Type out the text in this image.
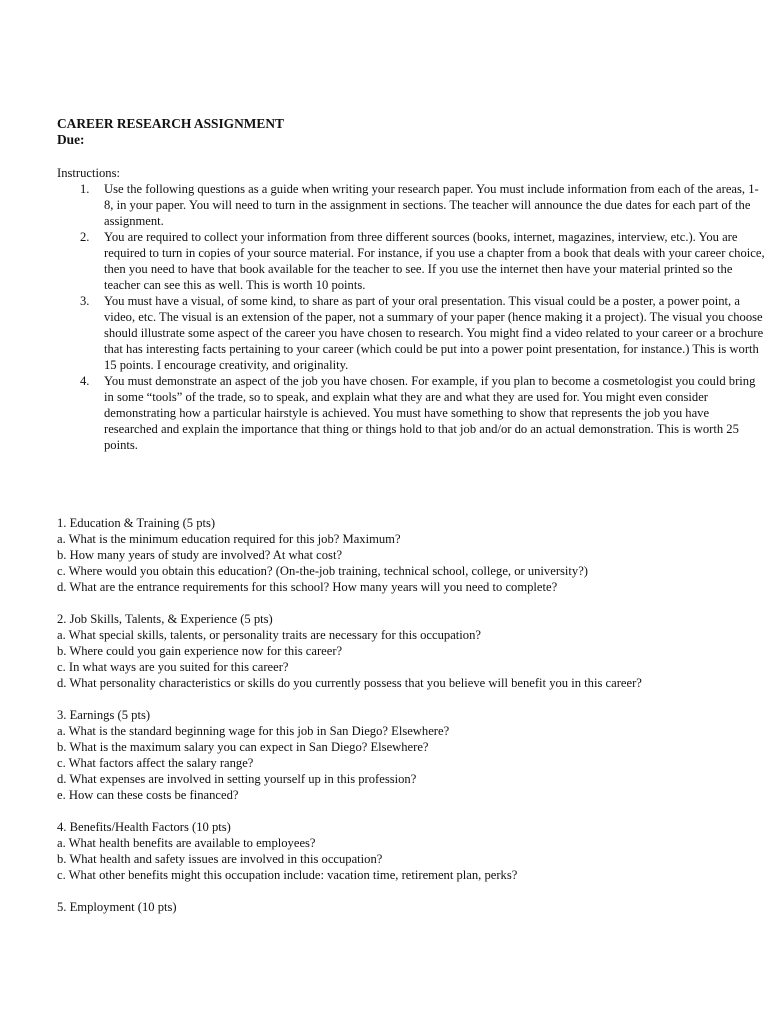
CAREER RESEARCH ASSIGNMENT
Due:
Instructions:
1. Use the following questions as a guide when writing your research paper. You must include information from each of the areas, 1-8, in your paper. You will need to turn in the assignment in sections. The teacher will announce the due dates for each part of the assignment.
2. You are required to collect your information from three different sources (books, internet, magazines, interview, etc.). You are required to turn in copies of your source material. For instance, if you use a chapter from a book that deals with your career choice, then you need to have that book available for the teacher to see. If you use the internet then have your material printed so the teacher can see this as well. This is worth 10 points.
3. You must have a visual, of some kind, to share as part of your oral presentation. This visual could be a poster, a power point, a video, etc. The visual is an extension of the paper, not a summary of your paper (hence making it a project). The visual you choose should illustrate some aspect of the career you have chosen to research. You might find a video related to your career or a brochure that has interesting facts pertaining to your career (which could be put into a power point presentation, for instance.) This is worth 15 points. I encourage creativity, and originality.
4. You must demonstrate an aspect of the job you have chosen. For example, if you plan to become a cosmetologist you could bring in some “tools” of the trade, so to speak, and explain what they are and what they are used for. You might even consider demonstrating how a particular hairstyle is achieved. You must have something to show that represents the job you have researched and explain the importance that thing or things hold to that job and/or do an actual demonstration. This is worth 25 points.

1. Education & Training (5 pts)

a. What is the minimum education required for this job? Maximum?

b. How many years of study are involved? At what cost?

c. Where would you obtain this education? (On-the-job training, technical school, college, or university?)

d. What are the entrance requirements for this school? How many years will you need to complete?

2. Job Skills, Talents, & Experience (5 pts)

a. What special skills, talents, or personality traits are necessary for this occupation?

b. Where could you gain experience now for this career?

c. In what ways are you suited for this career?

d. What personality characteristics or skills do you currently possess that you believe will benefit you in this career?

3. Earnings (5 pts)

a. What is the standard beginning wage for this job in San Diego? Elsewhere?

b. What is the maximum salary you can expect in San Diego? Elsewhere?

c. What factors affect the salary range?

d. What expenses are involved in setting yourself up in this profession?

e. How can these costs be financed?

4. Benefits/Health Factors (10 pts)

a. What health benefits are available to employees?

b. What health and safety issues are involved in this occupation?

c. What other benefits might this occupation include: vacation time, retirement plan, perks?

5. Employment (10 pts)
